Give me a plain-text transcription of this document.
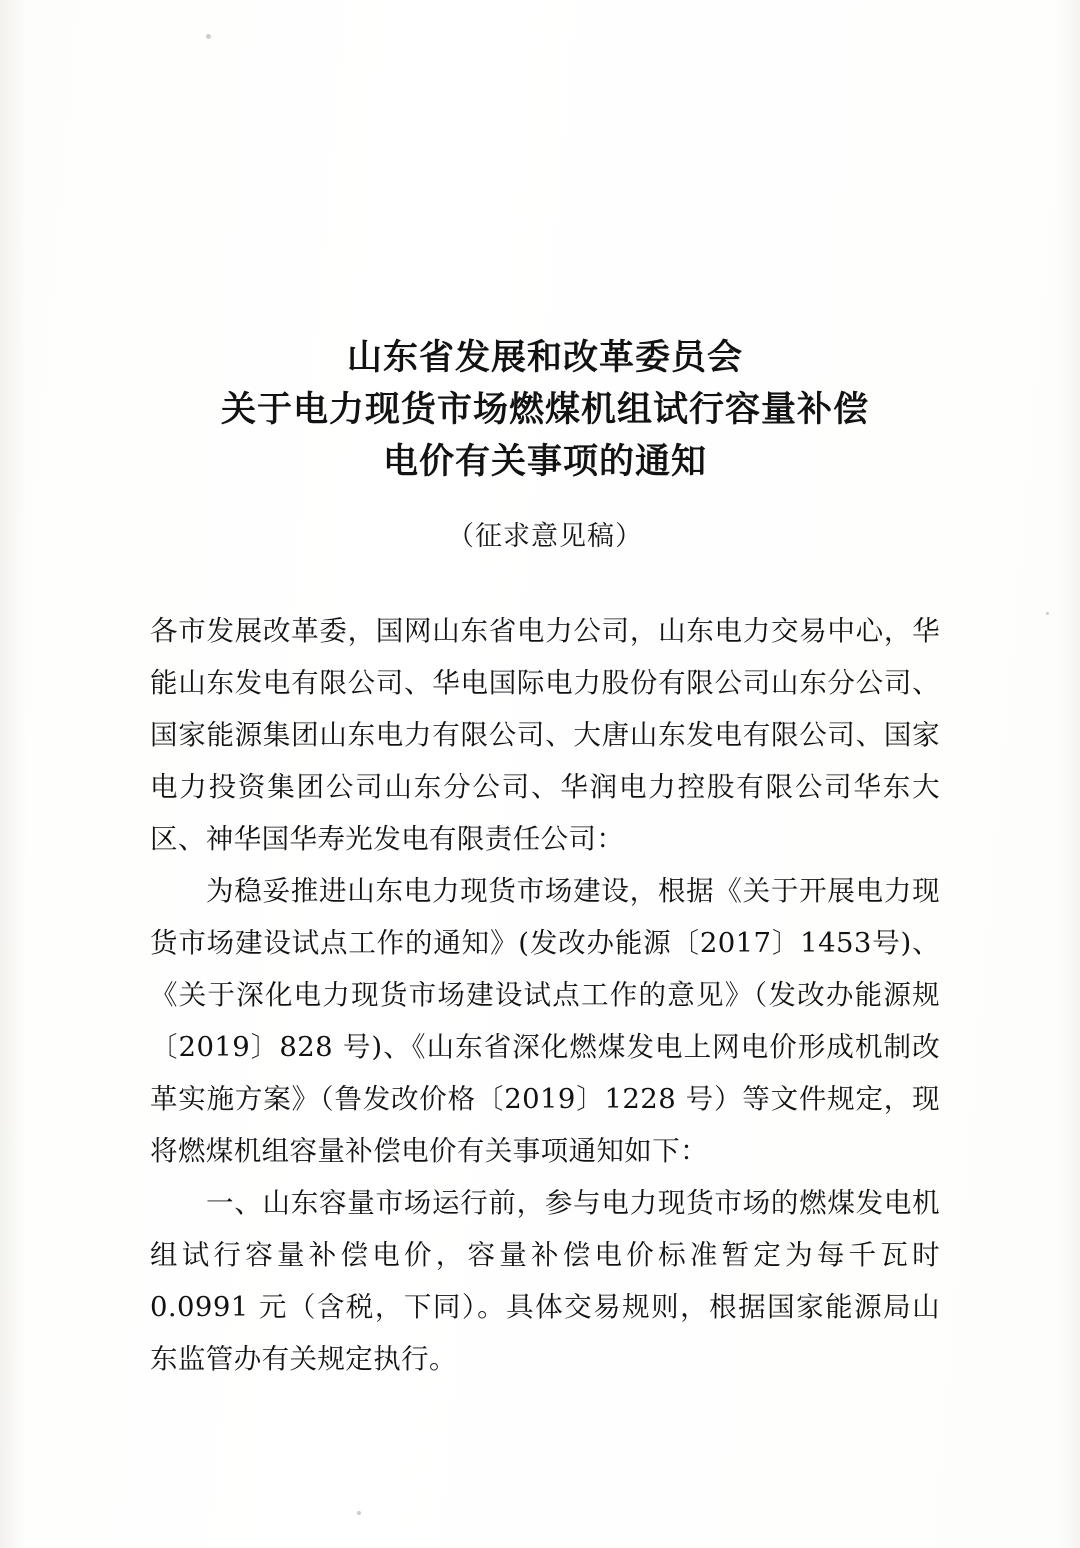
山东省发展和改革委员会
关于电力现货市场燃煤机组试行容量补偿
电价有关事项的通知
（征求意见稿）

各市发展改革委，国网山东省电力公司，山东电力交易中心，华能山东发电有限公司、华电国际电力股份有限公司山东分公司、国家能源集团山东电力有限公司、大唐山东发电有限公司、国家电力投资集团公司山东分公司、华润电力控股有限公司华东大区、神华国华寿光发电有限责任公司：

为稳妥推进山东电力现货市场建设，根据《关于开展电力现货市场建设试点工作的通知》(发改办能源〔2017〕1453号)、《关于深化电力现货市场建设试点工作的意见》（发改办能源规〔2019〕828 号)、《山东省深化燃煤发电上网电价形成机制改革实施方案》（鲁发改价格〔2019〕1228 号）等文件规定，现将燃煤机组容量补偿电价有关事项通知如下：

一、山东容量市场运行前，参与电力现货市场的燃煤发电机组试行容量补偿电价，容量补偿电价标准暂定为每千瓦时 0.0991 元（含税，下同）。具体交易规则，根据国家能源局山东监管办有关规定执行。
